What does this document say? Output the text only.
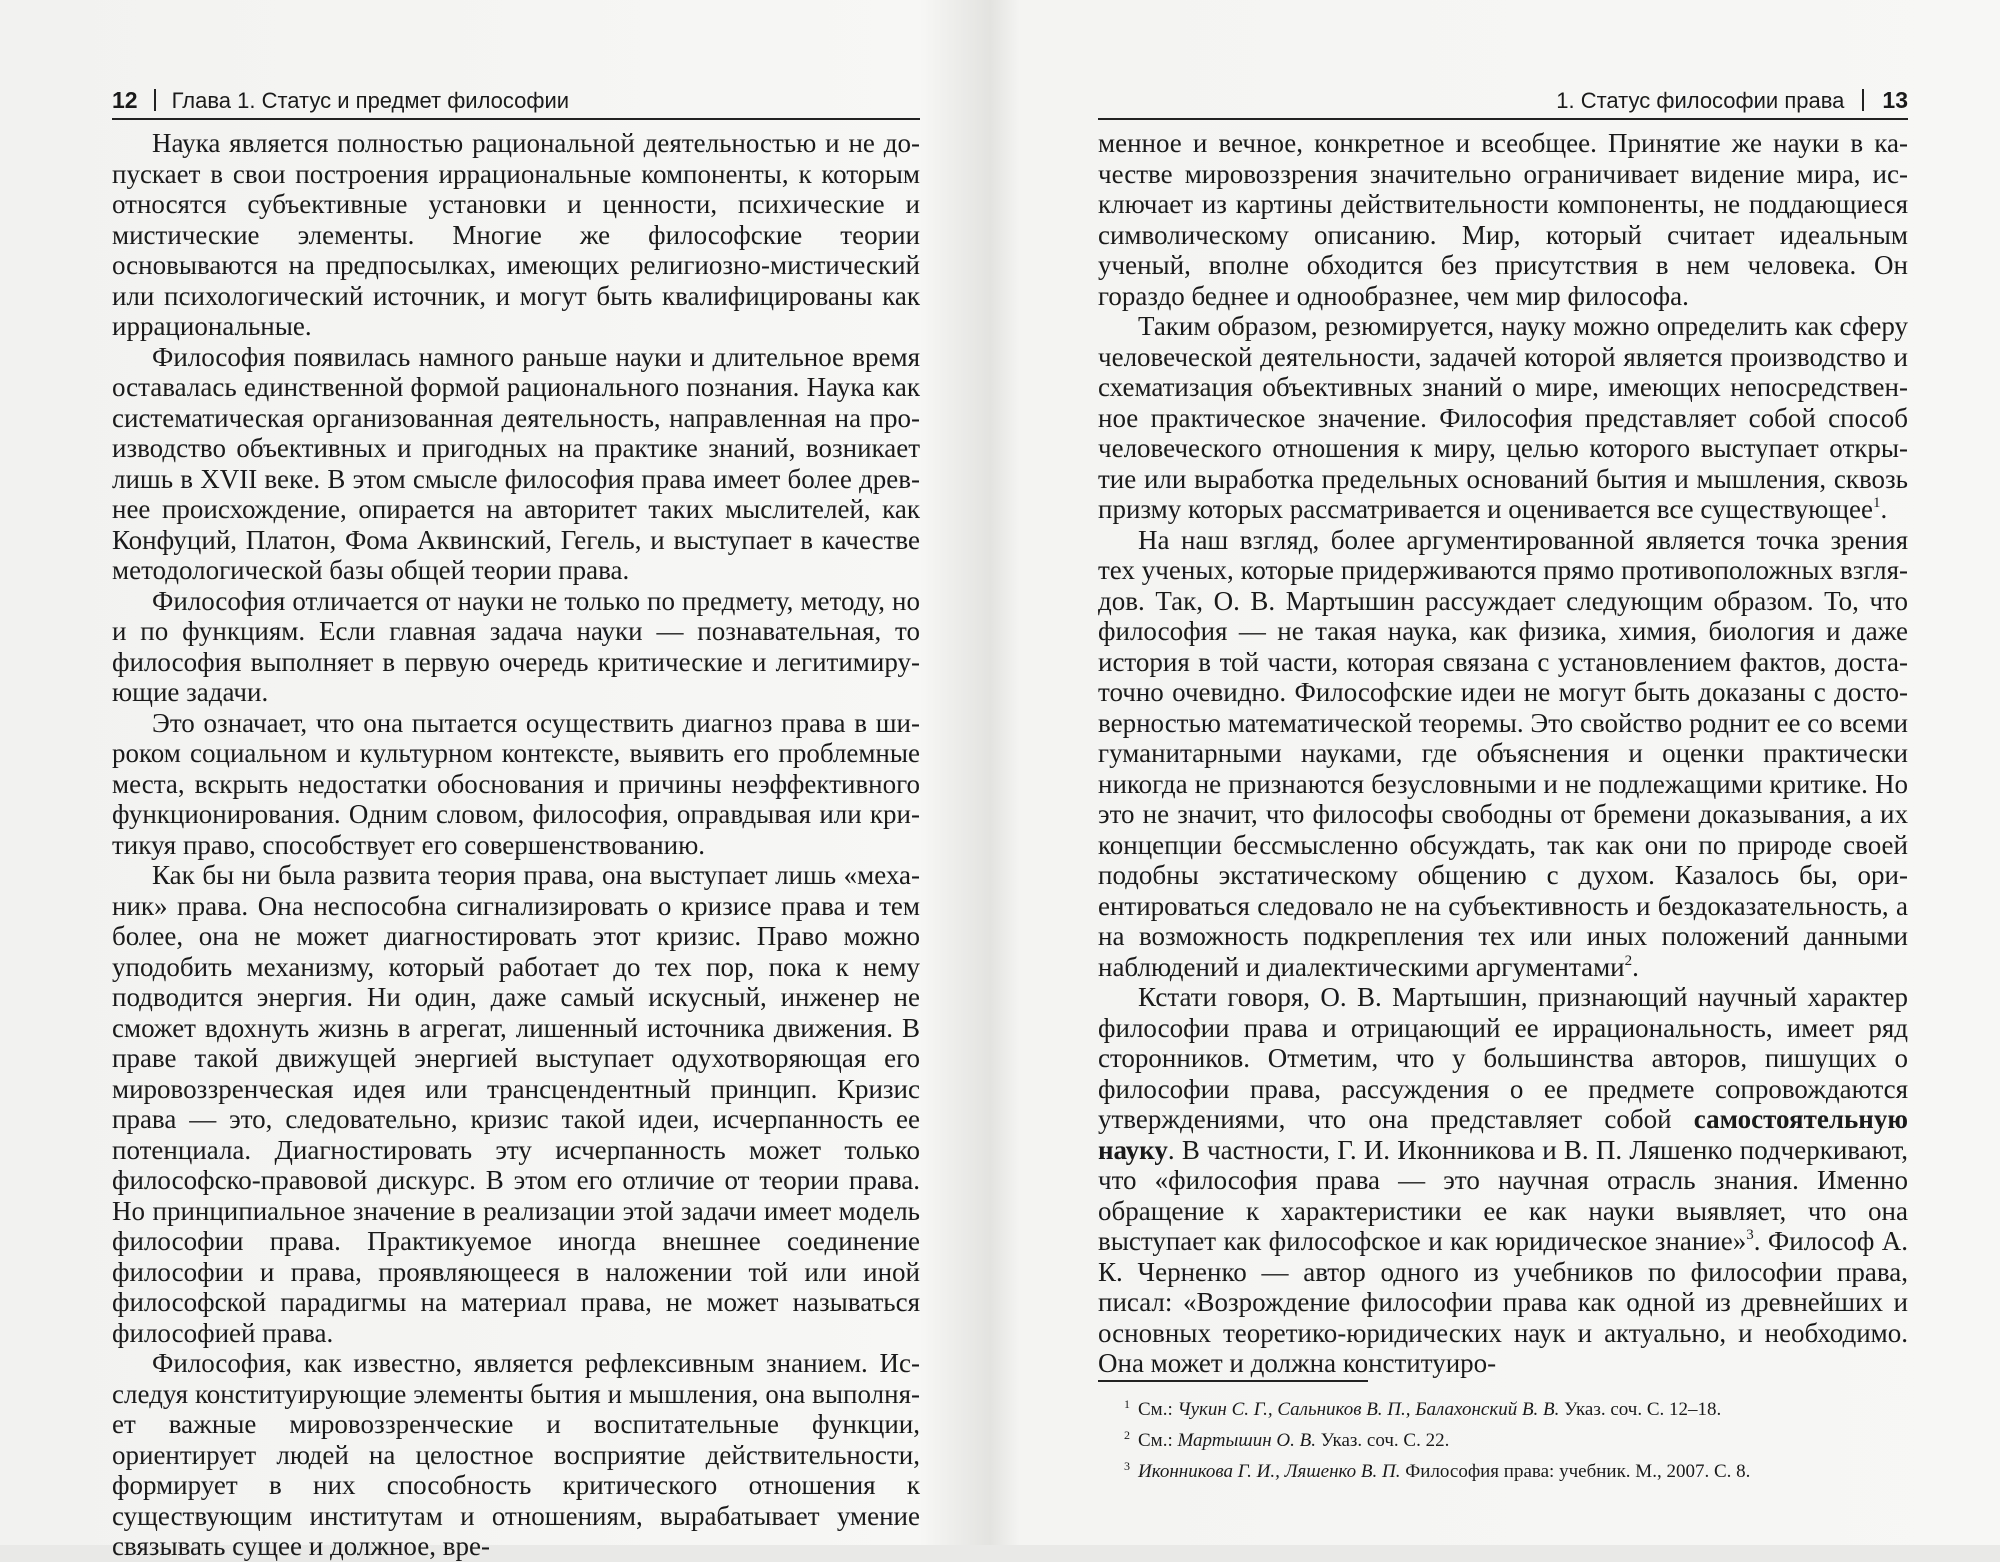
12 Глава 1. Статус и предмет философии

Наука является полностью рациональной деятельностью и не допускает в свои построения иррациональные компоненты, к которым относятся субъективные установки и ценности, психические и мистические элементы. Многие же философские теории основываются на предпосылках, имеющих религиозно-мистический или психологический источник, и могут быть квалифицированы как иррациональные.

Философия появилась намного раньше науки и длительное время оставалась единственной формой рационального познания. Наука как систематическая организованная деятельность, направленная на производство объективных и пригодных на практике знаний, возникает лишь в XVII веке. В этом смысле философия права имеет более древнее происхождение, опирается на авторитет таких мыслителей, как Конфуций, Платон, Фома Аквинский, Гегель, и выступает в качестве методологической базы общей теории права.

Философия отличается от науки не только по предмету, методу, но и по функциям. Если главная задача науки — познавательная, то философия выполняет в первую очередь критические и легитимирующие задачи.

Это означает, что она пытается осуществить диагноз права в широком социальном и культурном контексте, выявить его проблемные места, вскрыть недостатки обоснования и причины неэффективного функционирования. Одним словом, философия, оправдывая или критикуя право, способствует его совершенствованию.

Как бы ни была развита теория права, она выступает лишь «механик» права. Она неспособна сигнализировать о кризисе права и тем более, она не может диагностировать этот кризис. Право можно уподобить механизму, который работает до тех пор, пока к нему подводится энергия. Ни один, даже самый искусный, инженер не сможет вдохнуть жизнь в агрегат, лишенный источника движения. В праве такой движущей энергией выступает одухотворяющая его мировоззренческая идея или трансцендентный принцип. Кризис права — это, следовательно, кризис такой идеи, исчерпанность ее потенциала. Диагностировать эту исчерпанность может только философско-правовой дискурс. В этом его отличие от теории права. Но принципиальное значение в реализации этой задачи имеет модель философии права. Практикуемое иногда внешнее соединение философии и права, проявляющееся в наложении той или иной философской парадигмы на материал права, не может называться философией права.

Философия, как известно, является рефлексивным знанием. Исследуя конституирующие элементы бытия и мышления, она выполняет важные мировоззренческие и воспитательные функции, ориентирует людей на целостное восприятие действительности, формирует в них способность критического отношения к существующим институтам и отношениям, вырабатывает умение связывать сущее и должное, вре-

1. Статус философии права 13

менное и вечное, конкретное и всеобщее. Принятие же науки в качестве мировоззрения значительно ограничивает видение мира, исключает из картины действительности компоненты, не поддающиеся символическому описанию. Мир, который считает идеальным ученый, вполне обходится без присутствия в нем человека. Он гораздо беднее и однообразнее, чем мир философа.

Таким образом, резюмируется, науку можно определить как сферу человеческой деятельности, задачей которой является производство и схематизация объективных знаний о мире, имеющих непосредственное практическое значение. Философия представляет собой способ человеческого отношения к миру, целью которого выступает открытие или выработка предельных оснований бытия и мышления, сквозь призму которых рассматривается и оценивается все существующее$^1$.

На наш взгляд, более аргументированной является точка зрения тех ученых, которые придерживаются прямо противоположных взглядов. Так, О. В. Мартышин рассуждает следующим образом. То, что философия — не такая наука, как физика, химия, биология и даже история в той части, которая связана с установлением фактов, достаточно очевидно. Философские идеи не могут быть доказаны с достоверностью математической теоремы. Это свойство роднит ее со всеми гуманитарными науками, где объяснения и оценки практически никогда не признаются безусловными и не подлежащими критике. Но это не значит, что философы свободны от бремени доказывания, а их концепции бессмысленно обсуждать, так как они по природе своей подобны экстатическому общению с духом. Казалось бы, ориентироваться следовало не на субъективность и бездоказательность, а на возможность подкрепления тех или иных положений данными наблюдений и диалектическими аргументами$^2$.

Кстати говоря, О. В. Мартышин, признающий научный характер философии права и отрицающий ее иррациональность, имеет ряд сторонников. Отметим, что у большинства авторов, пишущих о философии права, рассуждения о ее предмете сопровождаются утверждениями, что она представляет собой самостоятельную науку. В частности, Г. И. Иконникова и В. П. Ляшенко подчеркивают, что «философия права — это научная отрасль знания. Именно обращение к характеристики ее как науки выявляет, что она выступает как философское и как юридическое знание»$^3$. Философ А. К. Черненко — автор одного из учебников по философии права, писал: «Возрождение философии права как одной из древнейших и основных теоретико-юридических наук и актуально, и необходимо. Она может и должна конституиро-

$^1$ См.: Чукин С. Г., Сальников В. П., Балахонский В. В. Указ. соч. С. 12–18.

$^2$ См.: Мартышин О. В. Указ. соч. С. 22.

$^3$ Иконникова Г. И., Ляшенко В. П. Философия права: учебник. М., 2007. С. 8.
